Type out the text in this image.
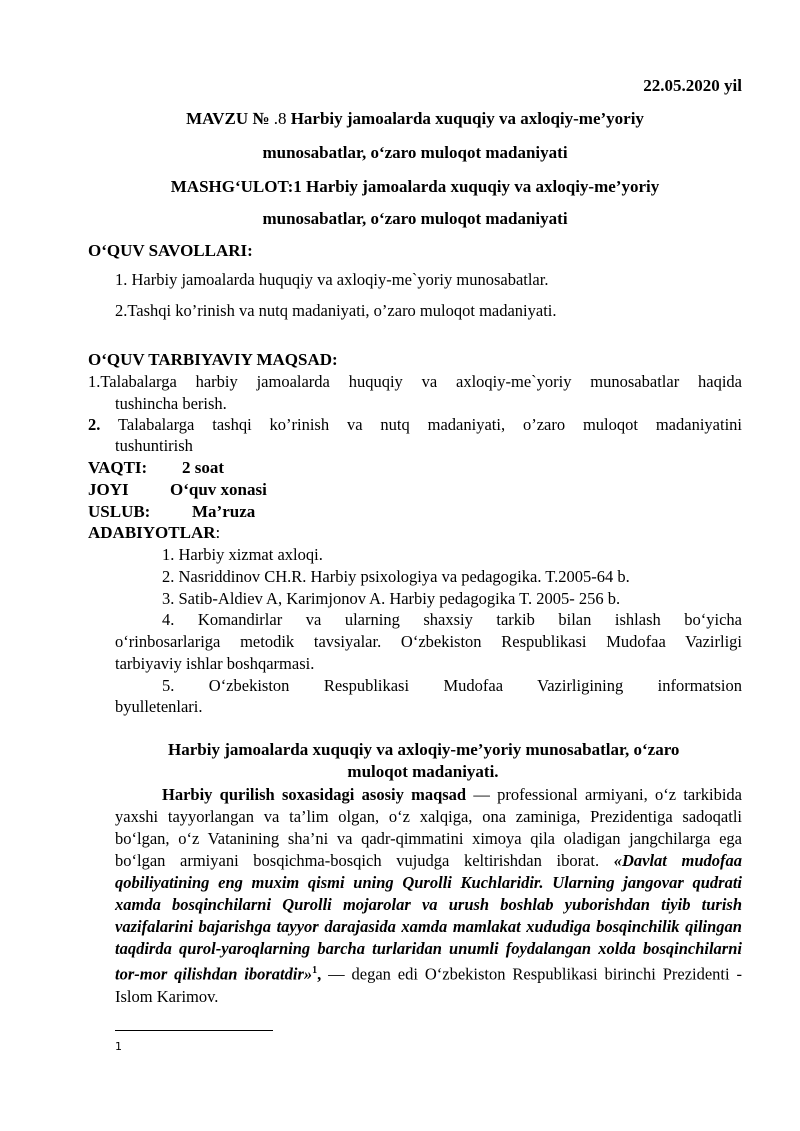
22.05.2020 yil
MAVZU № .8 Harbiy jamoalarda xuquqiy va axloqiy-me’yoriy
munosabatlar, o‘zaro muloqot madaniyati
MASHG‘ULOT:1 Harbiy jamoalarda xuquqiy va axloqiy-me’yoriy
munosabatlar, o‘zaro muloqot madaniyati
O‘QUV SAVOLLARI:
1. Harbiy jamoalarda huquqiy va axloqiy-me`yoriy munosabatlar.
2.Tashqi ko’rinish va nutq madaniyati, o’zaro muloqot madaniyati.
O‘QUV TARBIYAVIY MAQSAD:
1.Talabalarga harbiy jamoalarda huquqiy va axloqiy-me`yoriy munosabatlar haqida
tushincha berish.
2. Talabalarga tashqi ko’rinish va nutq madaniyati, o’zaro muloqot madaniyatini
tushuntirish
VAQTI: 2 soat
JOYI O‘quv xonasi
USLUB: Ma’ruza
ADABIYOTLAR:
1. Harbiy xizmat axloqi.
2. Nasriddinov CH.R. Harbiy psixologiya va pedagogika. T.2005-64 b.
3. Satib-Aldiev A, Karimjonov A. Harbiy pedagogika T. 2005- 256 b.
4. Komandirlar va ularning shaxsiy tarkib bilan ishlash bo‘yicha
o‘rinbosarlariga metodik tavsiyalar. O‘zbekiston Respublikasi Mudofaa Vazirligi
tarbiyaviy ishlar boshqarmasi.
5. O‘zbekiston Respublikasi Mudofaa Vazirligining informatsion
byulletenlari.
Harbiy jamoalarda xuquqiy va axloqiy-me’yoriy munosabatlar, o‘zaro
muloqot madaniyati.
Harbiy qurilish soxasidagi asosiy maqsad — professional armiyani, o‘z tarkibida yaxshi tayyorlangan va ta’lim olgan, o‘z xalqiga, ona zaminiga, Prezidentiga sadoqatli bo‘lgan, o‘z Vatanining sha’ni va qadr-qimmatini ximoya qila oladigan jangchilarga ega bo‘lgan armiyani bosqichma-bosqich vujudga keltirishdan iborat. «Davlat mudofaa qobiliyatining eng muxim qismi uning Qurolli Kuchlaridir. Ularning jangovar qudrati xamda bosqinchilarni Qurolli mojarolar va urush boshlab yuborishdan tiyib turish vazifalarini bajarishga tayyor darajasida xamda mamlakat xududiga bosqinchilik qilingan taqdirda qurol-yaroqlarning barcha turlaridan unumli foydalangan xolda bosqinchilarni tor-mor qilishdan iboratdir»$^1$, — degan edi O‘zbekiston Respublikasi birinchi Prezidenti - Islom Karimov.
1
